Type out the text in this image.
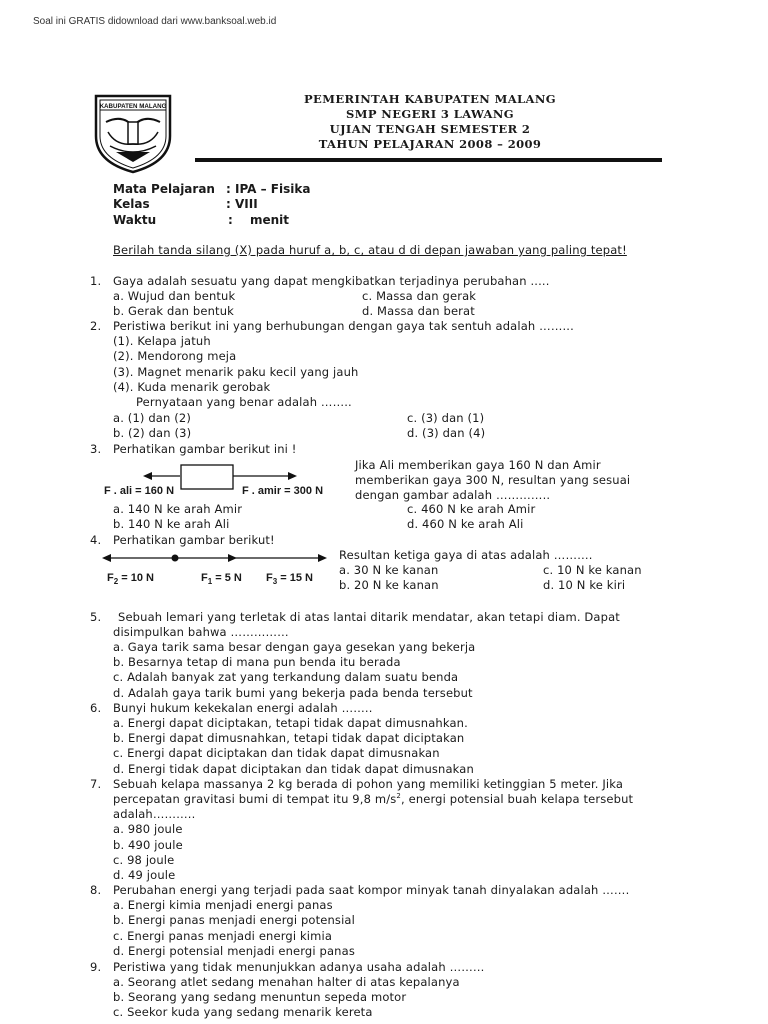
Soal ini GRATIS didownload dari www.banksoal.web.id
KABUPATEN MALANG
PEMERINTAH KABUPATEN MALANG
SMP NEGERI 3 LAWANG
UJIAN TENGAH SEMESTER 2
TAHUN PELAJARAN 2008 – 2009
Mata Pelajaran : IPA – Fisika
Kelas	: VIII
Waktu	: menit
Berilah tanda silang (X) pada huruf a, b, c, atau d di depan jawaban yang paling tepat!
1. Gaya adalah sesuatu yang dapat mengkibatkan terjadinya perubahan .....
a. Wujud dan bentuk
b. Gerak dan bentuk
c. Massa dan gerak
d. Massa dan berat
2. Peristiwa berikut ini yang berhubungan dengan gaya tak sentuh adalah ……...
(1). Kelapa jatuh
(2). Mendorong meja
(3). Magnet menarik paku kecil yang jauh
(4). Kuda menarik gerobak
Pernyataan yang benar adalah ……..
a. (1) dan (2)
b. (2) dan (3)
c. (3) dan (1)
d. (3) dan (4)
3. Perhatikan gambar berikut ini !
F . ali = 160 N	F . amir = 300 N
Jika Ali memberikan gaya 160 N dan Amir
memberikan gaya 300 N, resultan yang sesuai
dengan gambar adalah …………..
a. 140 N ke arah Amir
b. 140 N ke arah Ali
c. 460 N ke arah Amir
d. 460 N ke arah Ali
4. Perhatikan gambar berikut!
$F_2 = 10$ N	$F_1 = 5$ N $F_3 = 15$ N
Resultan ketiga gaya di atas adalah ……….
a. 30 N ke kanan
b. 20 N ke kanan
c. 10 N ke kanan
d. 10 N ke kiri
5. Sebuah lemari yang terletak di atas lantai ditarik mendatar, akan tetapi diam. Dapat
disimpulkan bahwa ……………
a. Gaya tarik sama besar dengan gaya gesekan yang bekerja
b. Besarnya tetap di mana pun benda itu berada
c. Adalah banyak zat yang terkandung dalam suatu benda
d. Adalah gaya tarik bumi yang bekerja pada benda tersebut
6. Bunyi hukum kekekalan energi adalah ……..
a. Energi dapat diciptakan, tetapi tidak dapat dimusnahkan.
b. Energi dapat dimusnahkan, tetapi tidak dapat diciptakan
c. Energi dapat diciptakan dan tidak dapat dimusnakan
d. Energi tidak dapat diciptakan dan tidak dapat dimusnakan
7. Sebuah kelapa massanya 2 kg berada di pohon yang memiliki ketinggian 5 meter. Jika
percepatan gravitasi bumi di tempat itu 9,8 $m/s^2$, energi potensial buah kelapa tersebut
adalah………..
a. 980 joule
b. 490 joule
c. 98 joule
d. 49 joule
8. Perubahan energi yang terjadi pada saat kompor minyak tanah dinyalakan adalah …….
a. Energi kimia menjadi energi panas
b. Energi panas menjadi energi potensial
c. Energi panas menjadi energi kimia
d. Energi potensial menjadi energi panas
9. Peristiwa yang tidak menunjukkan adanya usaha adalah ………
a. Seorang atlet sedang menahan halter di atas kepalanya
b. Seorang yang sedang menuntun sepeda motor
c. Seekor kuda yang sedang menarik kereta
